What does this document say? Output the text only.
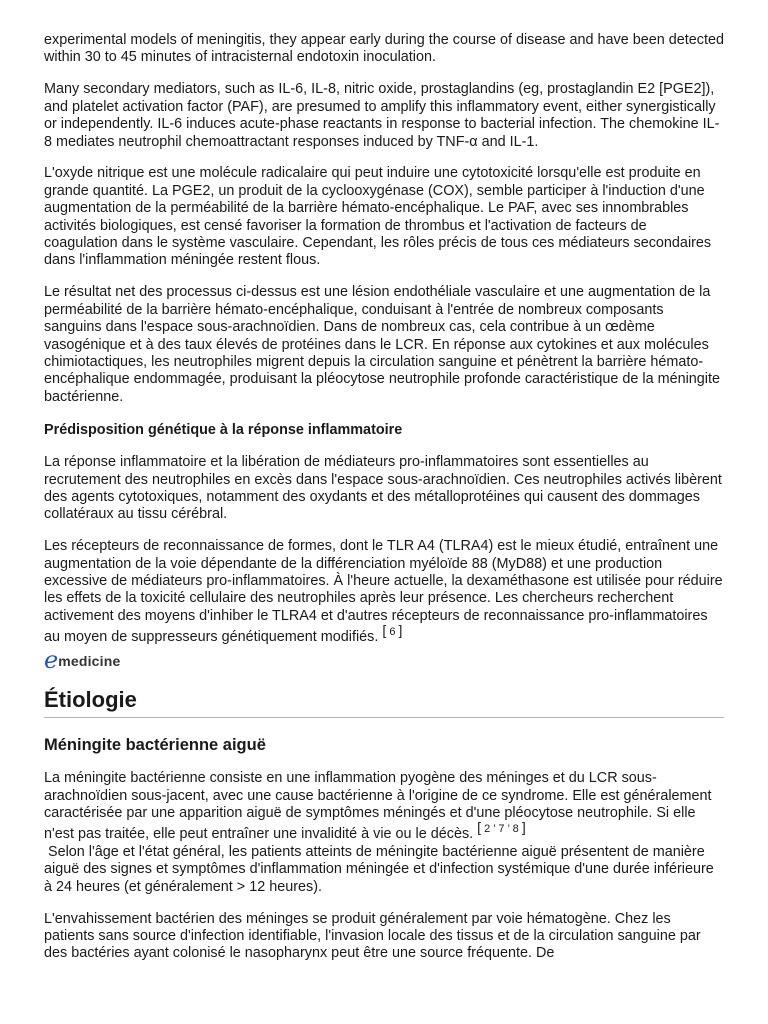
experimental models of meningitis, they appear early during the course of disease and have been detected within 30 to 45 minutes of intracisternal endotoxin inoculation.

Many secondary mediators, such as IL-6, IL-8, nitric oxide, prostaglandins (eg, prostaglandin E2 [PGE2]), and platelet activation factor (PAF), are presumed to amplify this inflammatory event, either synergistically or independently. IL-6 induces acute-phase reactants in response to bacterial infection. The chemokine IL-8 mediates neutrophil chemoattractant responses induced by TNF-α and IL-1.

L'oxyde nitrique est une molécule radicalaire qui peut induire une cytotoxicité lorsqu'elle est produite en grande quantité. La PGE2, un produit de la cyclooxygénase (COX), semble participer à l'induction d'une augmentation de la perméabilité de la barrière hémato-encéphalique. Le PAF, avec ses innombrables activités biologiques, est censé favoriser la formation de thrombus et l'activation de facteurs de coagulation dans le système vasculaire. Cependant, les rôles précis de tous ces médiateurs secondaires dans l'inflammation méningée restent flous.

Le résultat net des processus ci-dessus est une lésion endothéliale vasculaire et une augmentation de la perméabilité de la barrière hémato-encéphalique, conduisant à l'entrée de nombreux composants sanguins dans l'espace sous-arachnoïdien. Dans de nombreux cas, cela contribue à un œdème vasogénique et à des taux élevés de protéines dans le LCR. En réponse aux cytokines et aux molécules chimiotactiques, les neutrophiles migrent depuis la circulation sanguine et pénètrent la barrière hémato-encéphalique endommagée, produisant la pléocytose neutrophile profonde caractéristique de la méningite bactérienne.

Prédisposition génétique à la réponse inflammatoire

La réponse inflammatoire et la libération de médiateurs pro-inflammatoires sont essentielles au recrutement des neutrophiles en excès dans l'espace sous-arachnoïdien. Ces neutrophiles activés libèrent des agents cytotoxiques, notamment des oxydants et des métalloprotéines qui causent des dommages collatéraux au tissu cérébral.

Les récepteurs de reconnaissance de formes, dont le TLR A4 (TLRA4) est le mieux étudié, entraînent une augmentation de la voie dépendante de la différenciation myéloïde 88 (MyD88) et une production excessive de médiateurs pro-inflammatoires. À l'heure actuelle, la dexaméthasone est utilisée pour réduire les effets de la toxicité cellulaire des neutrophiles après leur présence. Les chercheurs recherchent activement des moyens d'inhiber le TLRA4 et d'autres récepteurs de reconnaissance pro-inflammatoires au moyen de suppresseurs génétiquement modifiés. [ 6 ]

emedicine
Étiologie
Méningite bactérienne aiguë

La méningite bactérienne consiste en une inflammation pyogène des méninges et du LCR sous-arachnoïdien sous-jacent, avec une cause bactérienne à l'origine de ce syndrome. Elle est généralement caractérisée par une apparition aiguë de symptômes méningés et d'une pléocytose neutrophile. Si elle n'est pas traitée, elle peut entraîner une invalidité à vie ou le décès. [ 2 ’ 7 ’ 8 ]
Selon l'âge et l'état général, les patients atteints de méningite bactérienne aiguë présentent de manière aiguë des signes et symptômes d'inflammation méningée et d'infection systémique d'une durée inférieure à 24 heures (et généralement > 12 heures).

L'envahissement bactérien des méninges se produit généralement par voie hématogène. Chez les patients sans source d'infection identifiable, l'invasion locale des tissus et de la circulation sanguine par des bactéries ayant colonisé le nasopharynx peut être une source fréquente. De
